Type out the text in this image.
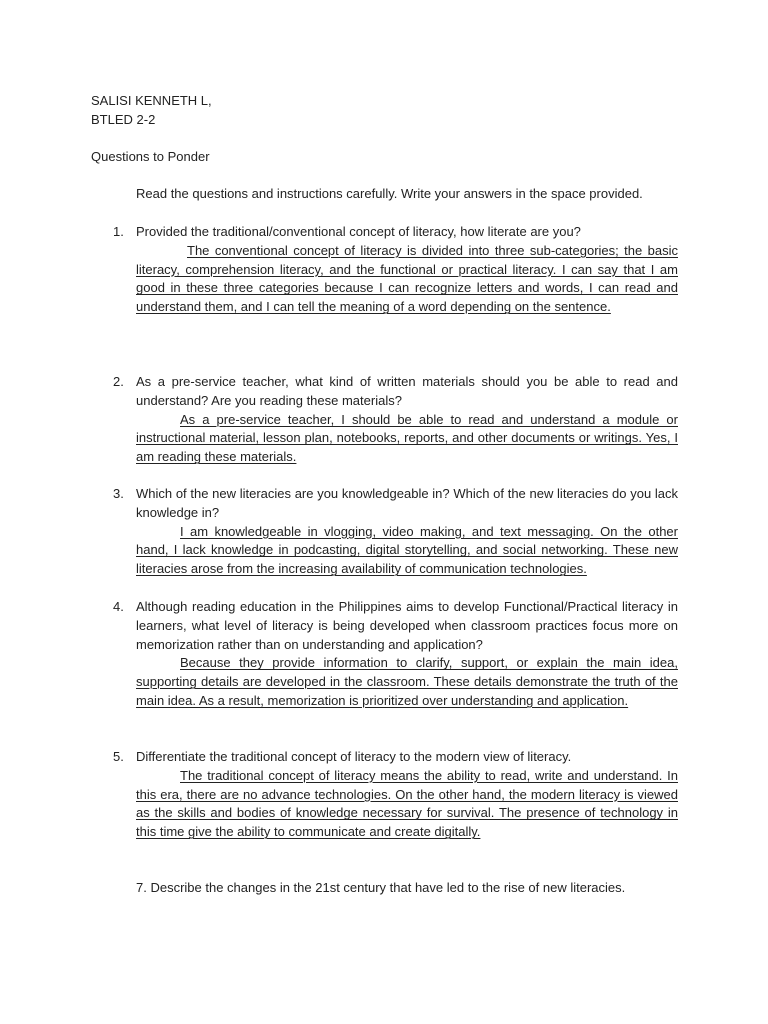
SALISI KENNETH L,

BTLED 2-2

Questions to Ponder

Read the questions and instructions carefully. Write your answers in the space provided.

1. Provided the traditional/conventional concept of literacy, how literate are you?
The conventional concept of literacy is divided into three sub-categories; the basic literacy, comprehension literacy, and the functional or practical literacy. I can say that I am good in these three categories because I can recognize letters and words, I can read and understand them, and I can tell the meaning of a word depending on the sentence.
2. As a pre-service teacher, what kind of written materials should you be able to read and understand? Are you reading these materials?
As a pre-service teacher, I should be able to read and understand a module or instructional material, lesson plan, notebooks, reports, and other documents or writings. Yes, I am reading these materials.
3. Which of the new literacies are you knowledgeable in? Which of the new literacies do you lack knowledge in?
I am knowledgeable in vlogging, video making, and text messaging. On the other hand, I lack knowledge in podcasting, digital storytelling, and social networking. These new literacies arose from the increasing availability of communication technologies.
4. Although reading education in the Philippines aims to develop Functional/Practical literacy in learners, what level of literacy is being developed when classroom practices focus more on memorization rather than on understanding and application?
Because they provide information to clarify, support, or explain the main idea, supporting details are developed in the classroom. These details demonstrate the truth of the main idea. As a result, memorization is prioritized over understanding and application.
5. Differentiate the traditional concept of literacy to the modern view of literacy.
The traditional concept of literacy means the ability to read, write and understand. In this era, there are no advance technologies. On the other hand, the modern literacy is viewed as the skills and bodies of knowledge necessary for survival. The presence of technology in this time give the ability to communicate and create digitally.
7. Describe the changes in the 21st century that have led to the rise of new literacies.
